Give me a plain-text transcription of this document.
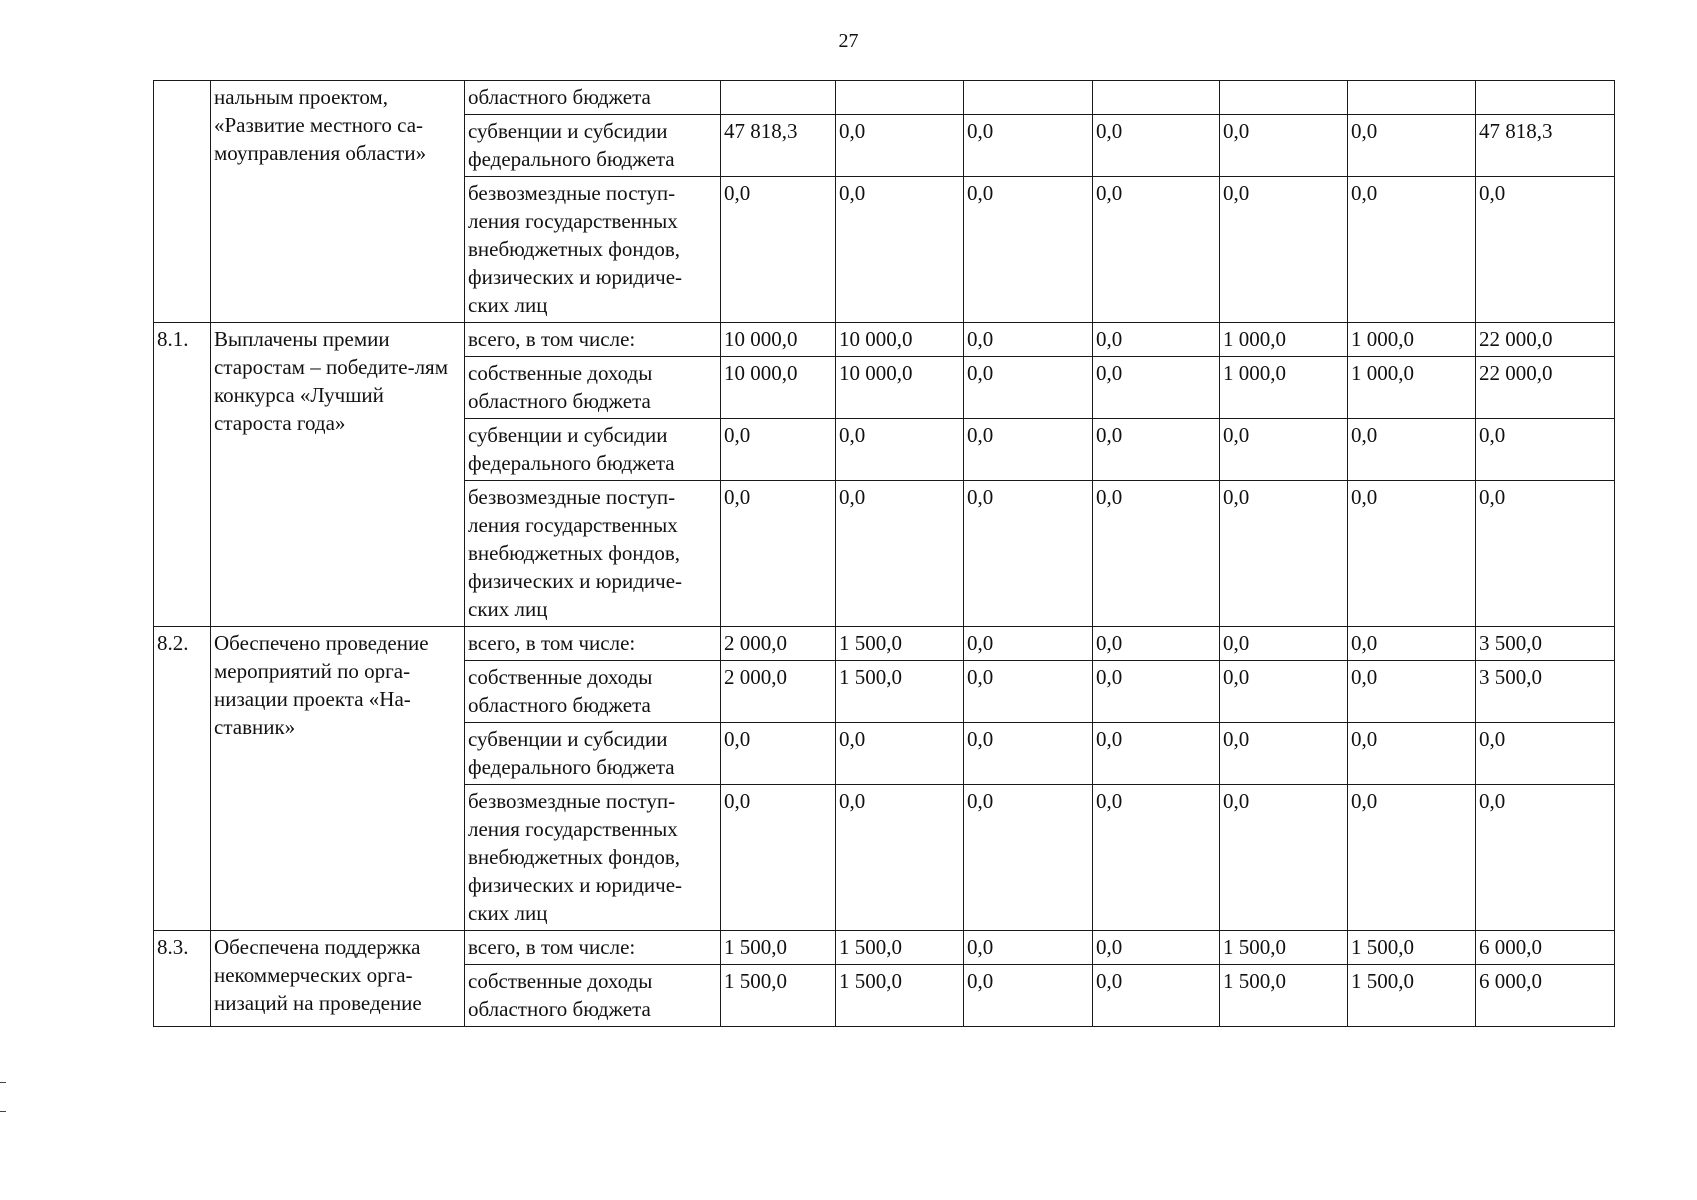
27
	нальным проектом, «Развитие местного са-моуправления области»	областного бюджета							
		субвенции и субсидии федерального бюджета	47 818,3	0,0	0,0	0,0	0,0	0,0	47 818,3
		безвозмездные поступ-ления государственных внебюджетных фондов, физических и юридиче-ских лиц	0,0	0,0	0,0	0,0	0,0	0,0	0,0
8.1.	Выплачены премии старостам – победите-лям конкурса «Лучший староста года»	всего, в том числе:	10 000,0	10 000,0	0,0	0,0	1 000,0	1 000,0	22 000,0
		собственные доходы областного бюджета	10 000,0	10 000,0	0,0	0,0	1 000,0	1 000,0	22 000,0
		субвенции и субсидии федерального бюджета	0,0	0,0	0,0	0,0	0,0	0,0	0,0
		безвозмездные поступ-ления государственных внебюджетных фондов, физических и юридиче-ских лиц	0,0	0,0	0,0	0,0	0,0	0,0	0,0
8.2.	Обеспечено проведение мероприятий по орга-низации проекта «На-ставник»	всего, в том числе:	2 000,0	1 500,0	0,0	0,0	0,0	0,0	3 500,0
		собственные доходы областного бюджета	2 000,0	1 500,0	0,0	0,0	0,0	0,0	3 500,0
		субвенции и субсидии федерального бюджета	0,0	0,0	0,0	0,0	0,0	0,0	0,0
		безвозмездные поступ-ления государственных внебюджетных фондов, физических и юридиче-ских лиц	0,0	0,0	0,0	0,0	0,0	0,0	0,0
8.3.	Обеспечена поддержка некоммерческих орга-низаций на проведение	всего, в том числе:	1 500,0	1 500,0	0,0	0,0	1 500,0	1 500,0	6 000,0
		собственные доходы областного бюджета	1 500,0	1 500,0	0,0	0,0	1 500,0	1 500,0	6 000,0
